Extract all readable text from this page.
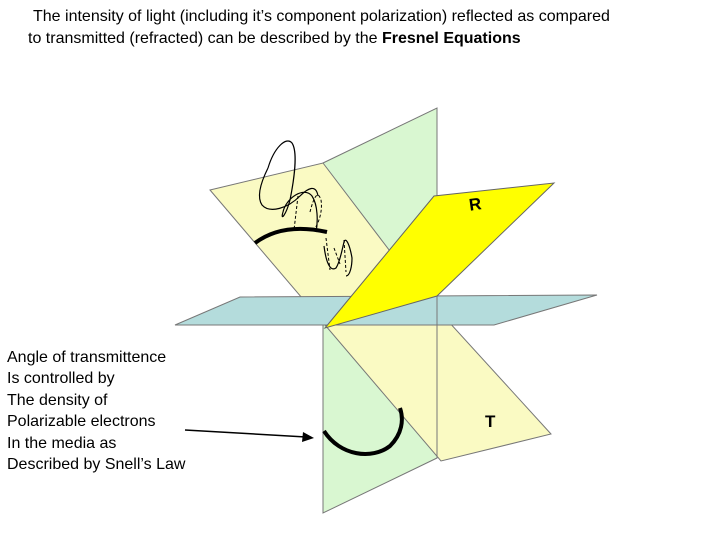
The intensity of light (including it’s component polarization) reflected as compared
to transmitted (refracted) can be described by the Fresnel Equations
R
T
Angle of transmittence
Is controlled by
The density of
Polarizable electrons
In the media as
Described by Snell’s Law
